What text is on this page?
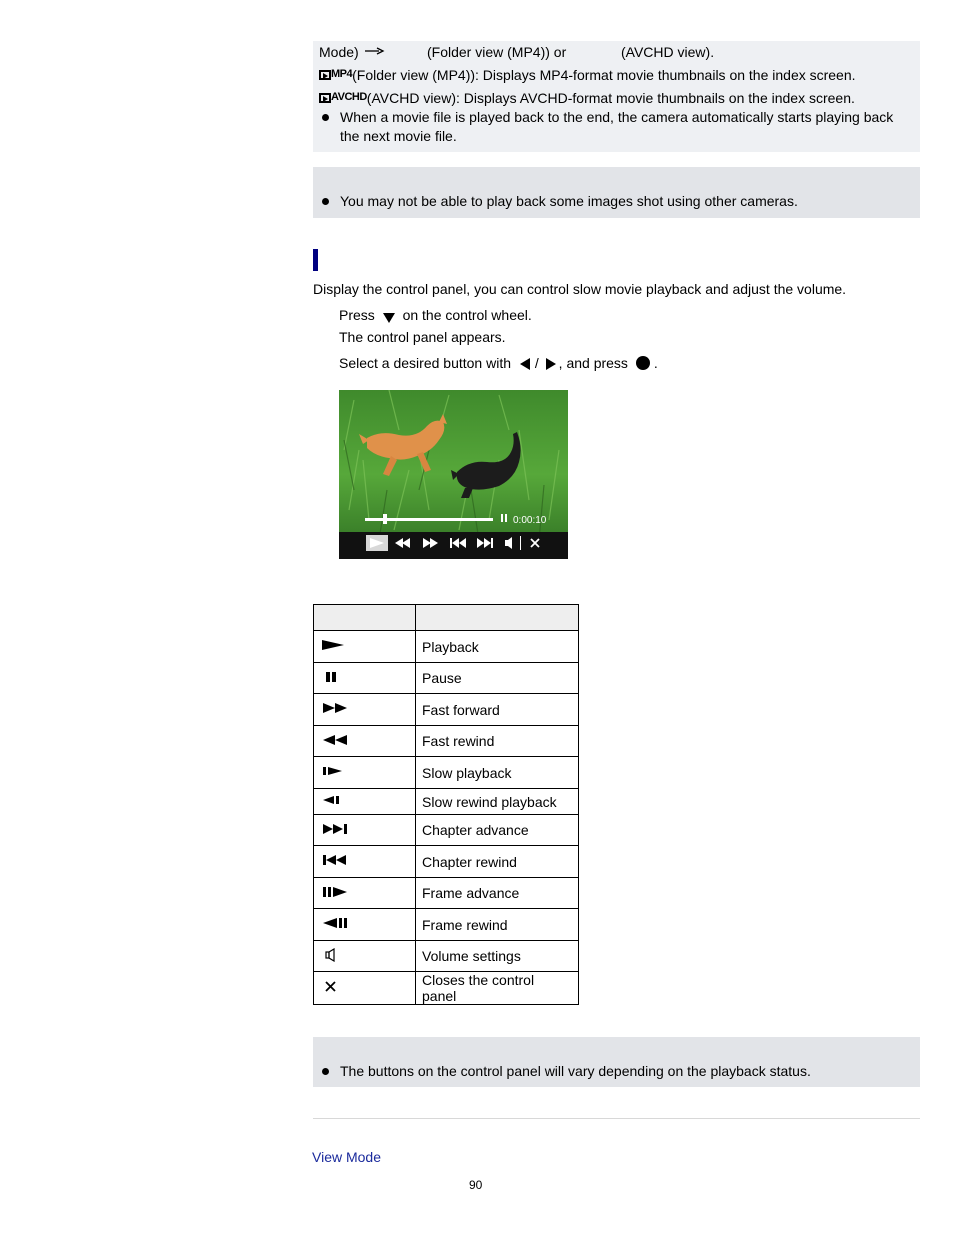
Mode)	(Folder view (MP4)) or	(AVCHD view).
MP4 (Folder view (MP4)): Displays MP4-format movie thumbnails on the index screen.
AVCHD (AVCHD view): Displays AVCHD-format movie thumbnails on the index screen.
When a movie file is played back to the end, the camera automatically starts playing back
the next movie file.
You may not be able to play back some images shot using other cameras.
Display the control panel, you can control slow movie playback and adjust the volume.
Press on the control wheel.
The control panel appears.
Select a desired button with / , and press .
0:00:10

	Playback
	Pause
	Fast forward
	Fast rewind
	Slow playback
	Slow rewind playback
	Chapter advance
	Chapter rewind
	Frame advance
	Frame rewind
	Volume settings
	Closes the control panel
The buttons on the control panel will vary depending on the playback status.
View Mode
90
